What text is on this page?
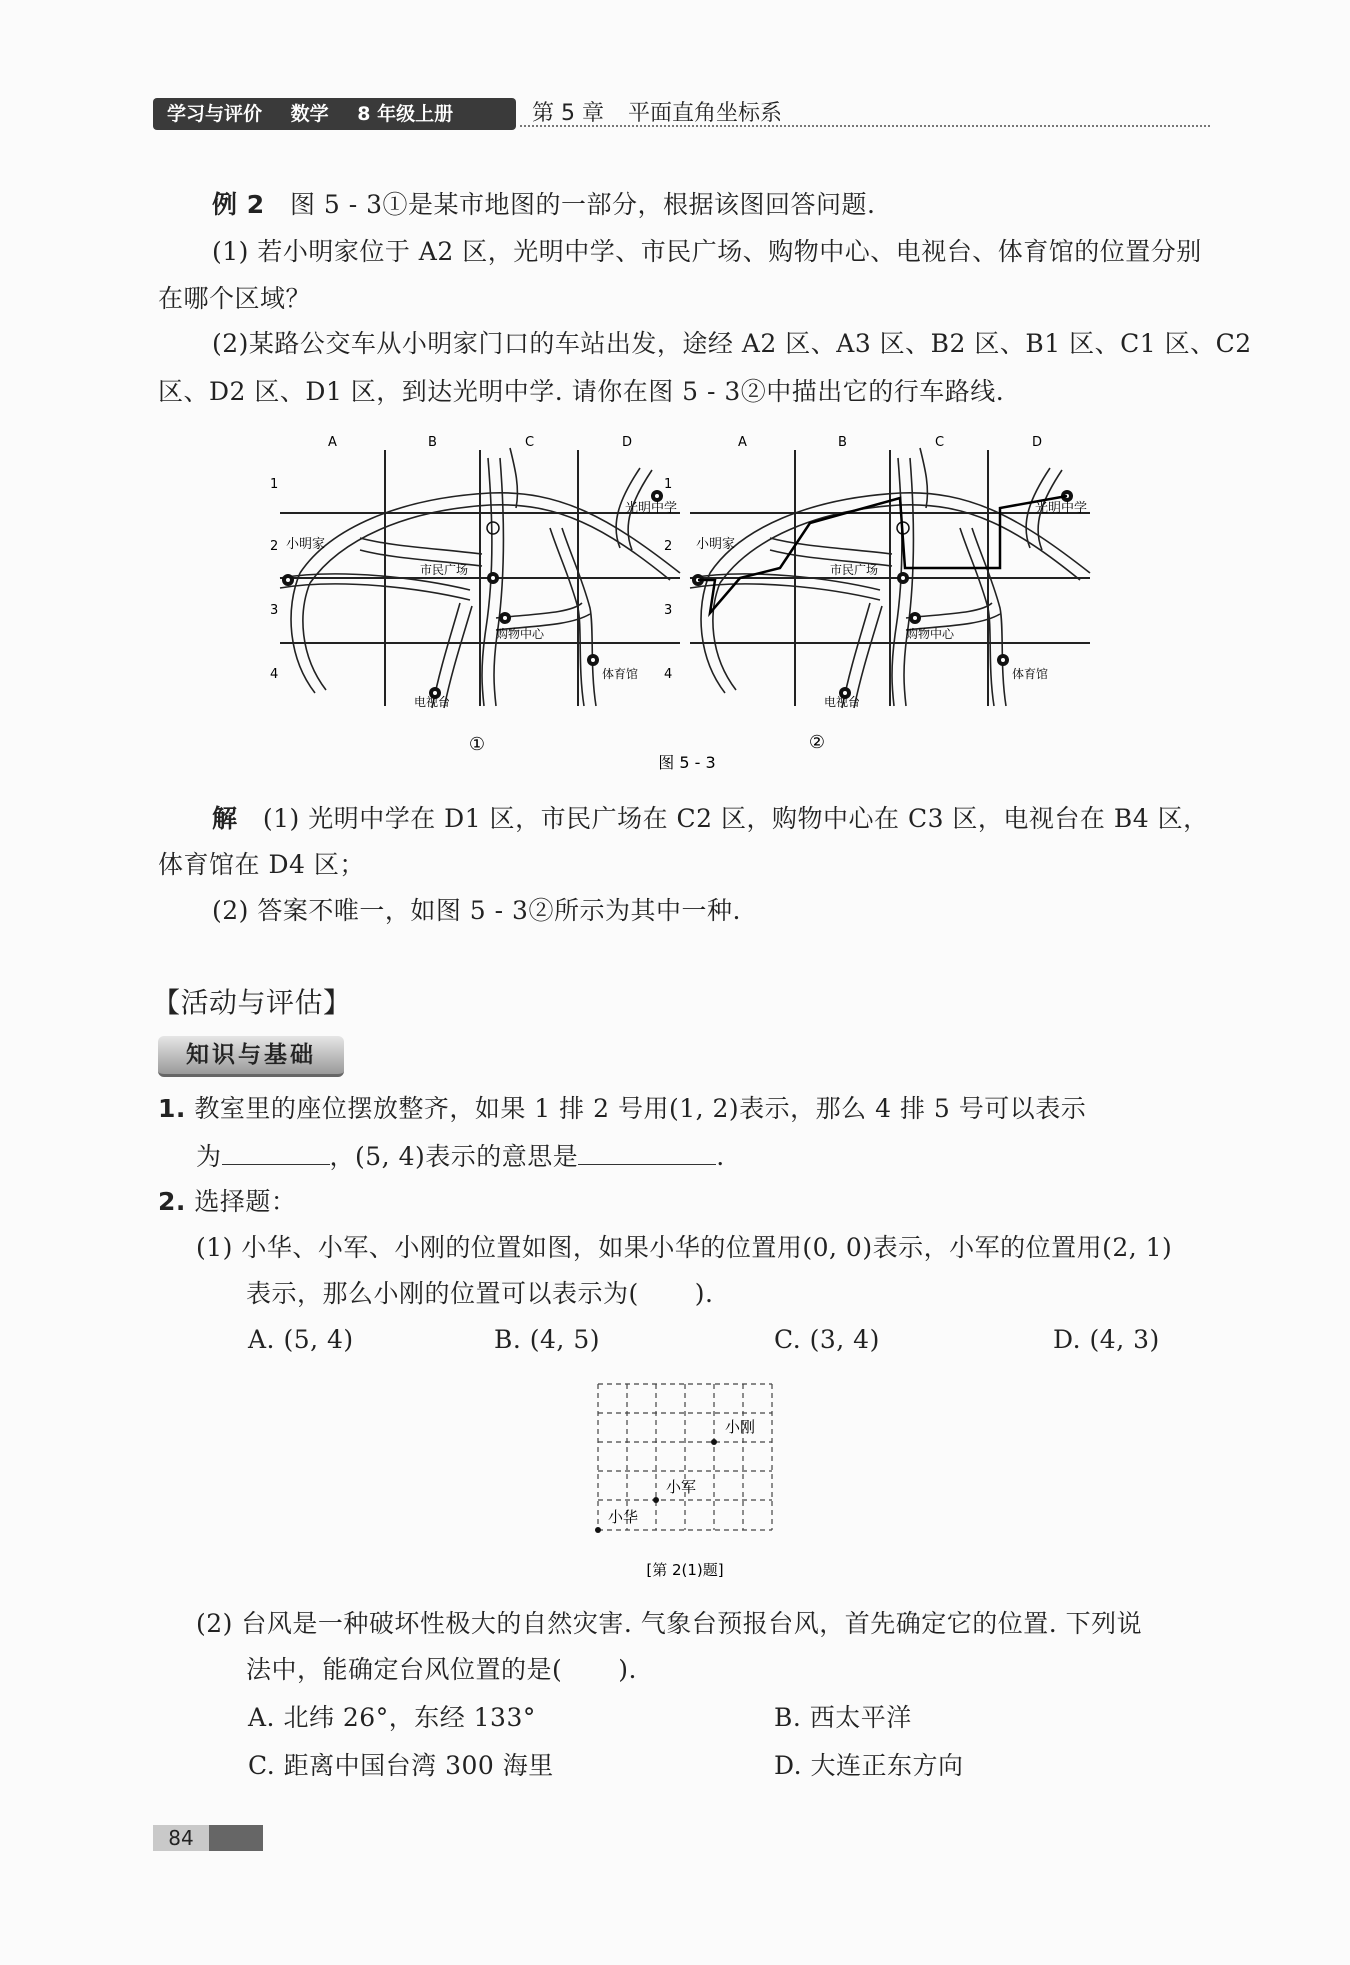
学习与评价 数学 8 年级上册	第 5 章 平面直角坐标系
例 2 图 5 - 3①是某市地图的一部分，根据该图回答问题.
(1) 若小明家位于 A2 区，光明中学、市民广场、购物中心、电视台、体育馆的位置分别
在哪个区域？
(2)某路公交车从小明家门口的车站出发，途经 A2 区、A3 区、B2 区、B1 区、C1 区、C2
区、D2 区、D1 区，到达光明中学. 请你在图 5 - 3②中描出它的行车路线.
A	B	C	D
1
2
3
4
光明中学
小明家
市民广场
购物中心
体育馆
电视台
①
A	B	C	D
1
2
3
4
光明中学
小明家
市民广场
购物中心
体育馆
电视台
②
图 5 - 3
解 (1) 光明中学在 D1 区，市民广场在 C2 区，购物中心在 C3 区，电视台在 B4 区，
体育馆在 D4 区；
(2) 答案不唯一，如图 5 - 3②所示为其中一种.
【活动与评估】
知识与基础
1. 教室里的座位摆放整齐，如果 1 排 2 号用(1, 2)表示，那么 4 排 5 号可以表示
为	，(5, 4)表示的意思是	.
2. 选择题：
(1) 小华、小军、小刚的位置如图，如果小华的位置用(0, 0)表示，小军的位置用(2, 1)
表示，那么小刚的位置可以表示为( ).
A. (5, 4)	B. (4, 5)	C. (3, 4)	D. (4, 3)
小刚
小军
小华
[第 2(1)题]
(2) 台风是一种破坏性极大的自然灾害. 气象台预报台风，首先确定它的位置. 下列说
法中，能确定台风位置的是( ).
A. 北纬 26°，东经 133°	B. 西太平洋
C. 距离中国台湾 300 海里	D. 大连正东方向
84
